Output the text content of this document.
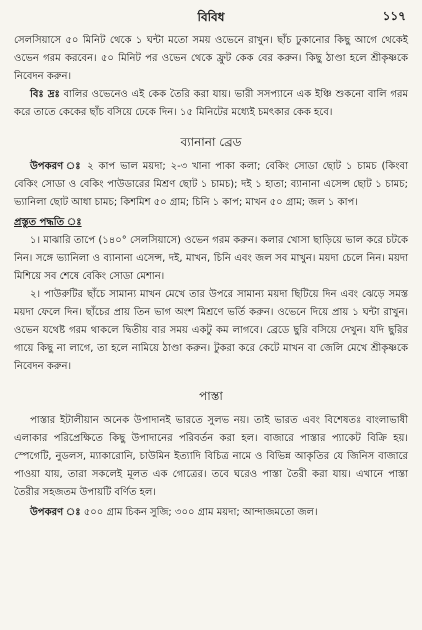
বিবিধ	১১৭

সেলসিয়াসে ৫০ মিনিট থেকে ১ ঘন্টা মতো সময় ওভেনে রাখুন। ছাঁচ ঢুকানোর কিছু আগে থেকেই ওভেন গরম করবেন। ৫০ মিনিট পর ওভেন থেকে ফ্রুট কেক বের করুন। কিছু ঠাণ্ডা হলে শ্রীকৃষ্ণকে নিবেদন করুন।

বিঃ দ্রঃ বালির ওভেনেও এই কেক তৈরি করা যায়। ভারী সসপ্যানে এক ইঞ্চি শুকনো বালি গরম করে তাতে কেকের ছাঁচ বসিয়ে ঢেকে দিন। ১৫ মিনিটের মধ্যেই চমৎকার কেক হবে।

ব্যানানা ব্রেড

উপকরণ ঃ ২ কাপ ভাল ময়দা; ২-৩ খানা পাকা কলা; বেকিং সোডা ছোট ১ চামচ (কিংবা বেকিং সোডা ও বেকিং পাউডারের মিশ্রণ ছোট ১ চামচ); দই ১ হাতা; ব্যানানা এসেন্স ছোট ১ চামচ; ভ্যানিলা ছোট আধা চামচ; কিশমিশ ৫০ গ্রাম; চিনি ১ কাপ; মাখন ৫০ গ্রাম; জল ১ কাপ।

প্রস্তুত পদ্ধতি ঃ

১। মাঝারি তাপে (১৪০° সেলসিয়াসে) ওভেন গরম করুন। কলার খোসা ছাড়িয়ে ভাল করে চটকে নিন। সঙ্গে ভ্যানিলা ও ব্যানানা এসেন্স, দই, মাখন, চিনি এবং জল সব মাখুন। ময়দা চেলে নিন। ময়দা মিশিয়ে সব শেষে বেকিং সোডা মেশান।

২। পাউরুটির ছাঁচে সামান্য মাখন মেখে তার উপরে সামান্য ময়দা ছিটিয়ে দিন এবং ঝেড়ে সমস্ত ময়দা ফেলে দিন। ছাঁচের প্রায় তিন ভাগ অংশ মিশ্রণে ভর্তি করুন। ওভেনে দিয়ে প্রায় ১ ঘন্টা রাখুন। ওভেন যথেষ্ট গরম থাকলে দ্বিতীয় বার সময় একটু কম লাগবে। ব্রেডে ছুরি বসিয়ে দেখুন। যদি ছুরির গায়ে কিছু না লাগে, তা হলে নামিয়ে ঠাণ্ডা করুন। টুকরা করে কেটে মাখন বা জেলি মেখে শ্রীকৃষ্ণকে নিবেদন করুন।

পাস্তা

পাস্তার ইটালীয়ান অনেক উপাদানই ভারতে সুলভ নয়। তাই ভারত এবং বিশেষতঃ বাংলাভাষী এলাকার পরিপ্রেক্ষিতে কিছু উপাদানের পরিবর্তন করা হল। বাজারে পাস্তার প্যাকেট বিক্রি হয়। স্পেগেটি, নুডলস, ম্যাকারোনি, চাউমিন ইত্যাদি বিচিত্র নামে ও বিভিন্ন আকৃতির যে জিনিস বাজারে পাওয়া যায়, তারা সকলেই মূলত এক গোত্রের। তবে ঘরেও পাস্তা তৈরী করা যায়। এখানে পাস্তা তৈরীর সহজতম উপায়টি বর্ণিত হল।

উপকরণ ঃ ৫০০ গ্রাম চিকন সুজি; ৩০০ গ্রাম ময়দা; আন্দাজমতো জল।
